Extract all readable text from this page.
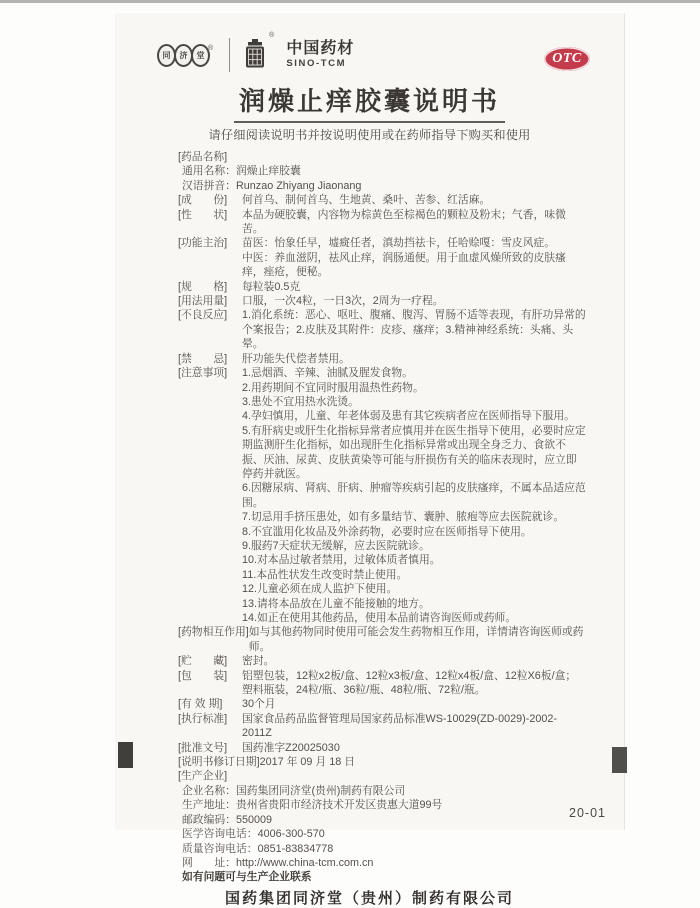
同	济	堂
®
®
中国药材
SINO-TCM	OTC
润燥止痒胶囊说明书
请仔细阅读说明书并按说明使用或在药师指导下购买和使用
[药品名称]
通用名称：润燥止痒胶囊
汉语拼音：Runzao Zhiyang Jiaonang
[成　　份]	何首乌、制何首乌、生地黄、桑叶、苦参、红活麻。
[性　　状]	本品为硬胶囊，内容物为棕黄色至棕褐色的颗粒及粉末；气香，味微苦。
[功能主治]	苗医：怡象任早，墟癍任者，滇劫挡祛卡，任哈赊嘎：雪皮风症。
中医：养血滋阴，祛风止痒，润肠通便。用于血虚风燥所致的皮肤瘙痒，痤疮，便秘。
[规　　格]	每粒装0.5克
[用法用量]	口服，一次4粒，一日3次，2周为一疗程。
[不良反应]	1.消化系统：恶心、呕吐、腹痛、腹泻、胃肠不适等表现，有肝功异常的个案报告；2.皮肤及其附件：皮疹、瘙痒；3.精神神经系统：头痛、头晕。
[禁　　忌]	肝功能失代偿者禁用。
[注意事项]	1.忌烟酒、辛辣、油腻及腥发食物。
2.用药期间不宜同时服用温热性药物。
3.患处不宜用热水洗烫。
4.孕妇慎用，儿童、年老体弱及患有其它疾病者应在医师指导下服用。
5.有肝病史或肝生化指标异常者应慎用并在医生指导下使用，必要时应定期监测肝生化指标，如出现肝生化指标异常或出现全身乏力、食欲不振、厌油、尿黄、皮肤黄染等可能与肝损伤有关的临床表现时，应立即停药并就医。
6.因糖尿病、肾病、肝病、肿瘤等疾病引起的皮肤瘙痒，不属本品适应范围。
7.切忌用手挤压患处，如有多量结节、囊肿、脓疱等应去医院就诊。
8.不宜滥用化妆品及外涂药物，必要时应在医师指导下使用。
9.服药7天症状无缓解，应去医院就诊。
10.对本品过敏者禁用，过敏体质者慎用。
11.本品性状发生改变时禁止使用。
12.儿童必须在成人监护下使用。
13.请将本品放在儿童不能接触的地方。
14.如正在使用其他药品，使用本品前请咨询医师或药师。
[药物相互作用] 如与其他药物同时使用可能会发生药物相互作用，详情请咨询医师或药师。
[贮　　藏]	密封。
[包　　装]	铝塑包装，12粒x2板/盒、12粒x3板/盒、12粒x4板/盒、12粒X6板/盒；
塑料瓶装，24粒/瓶、36粒/瓶、48粒/瓶、72粒/瓶。
[有 效 期]	30个月
[执行标准]	国家食品药品监督管理局国家药品标准WS-10029(ZD-0029)-2002-2011Z
[批准文号]	国药准字Z20025030
[说明书修订日期] 2017 年 09 月 18 日
[生产企业]
企业名称：国药集团同济堂(贵州)制药有限公司
生产地址：贵州省贵阳市经济技术开发区贵惠大道99号
邮政编码：550009
医学咨询电话：4006-300-570
质量咨询电话：0851-83834778
网　　址：http://www.china-tcm.com.cn
如有问题可与生产企业联系
国药集团同济堂（贵州）制药有限公司
20-01
